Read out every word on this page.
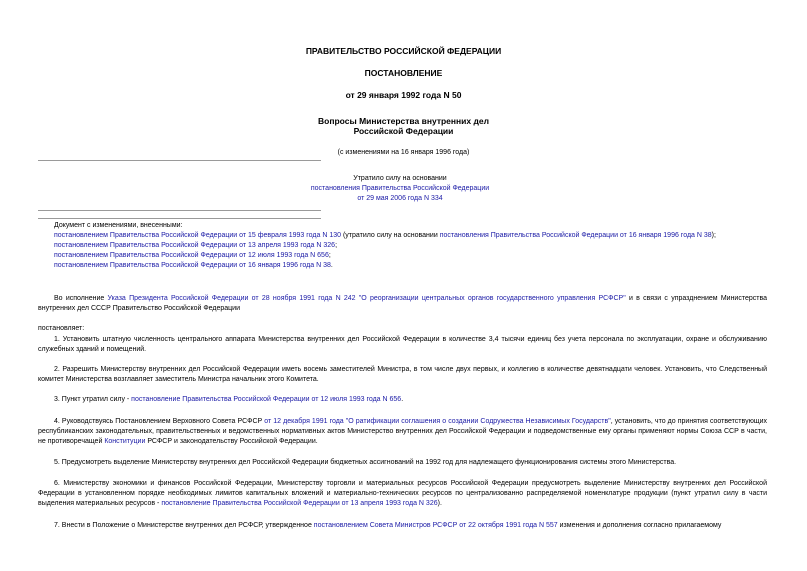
ПРАВИТЕЛЬСТВО РОССИЙСКОЙ ФЕДЕРАЦИИ
ПОСТАНОВЛЕНИЕ
от 29 января 1992 года N 50
Вопросы Министерства внутренних дел
Российской Федерации
(с изменениями на 16 января 1996 года)
Утратило силу на основании
постановления Правительства Российской Федерации
от 29 мая 2006 года N 334
Документ с изменениями, внесенными:
постановлением Правительства Российской Федерации от 15 февраля 1993 года N 130 (утратило силу на основании постановления Правительства Российской Федерации от 16 января 1996 года N 38);
постановлением Правительства Российской Федерации от 13 апреля 1993 года N 326;
постановлением Правительства Российской Федерации от 12 июля 1993 года N 656;
постановлением Правительства Российской Федерации от 16 января 1996 года N 38.
Во исполнение Указа Президента Российской Федерации от 28 ноября 1991 года N 242 "О реорганизации центральных органов государственного управления РСФСР" и в связи с упразднением Министерства внутренних дел СССР Правительство Российской Федерации
постановляет:
1. Установить штатную численность центрального аппарата Министерства внутренних дел Российской Федерации в количестве 3,4 тысячи единиц без учета персонала по эксплуатации, охране и обслуживанию служебных зданий и помещений.
2. Разрешить Министерству внутренних дел Российской Федерации иметь восемь заместителей Министра, в том числе двух первых, и коллегию в количестве девятнадцати человек. Установить, что Следственный комитет Министерства возглавляет заместитель Министра начальник этого Комитета.
3. Пункт утратил силу - постановление Правительства Российской Федерации от 12 июля 1993 года N 656.
4. Руководствуясь Постановлением Верховного Совета РСФСР от 12 декабря 1991 года "О ратификации соглашения о создании Содружества Независимых Государств", установить, что до принятия соответствующих республиканских законодательных, правительственных и ведомственных нормативных актов Министерство внутренних дел Российской Федерации и подведомственные ему органы применяют нормы Союза ССР в части, не противоречащей Конституции РСФСР и законодательству Российской Федерации.
5. Предусмотреть выделение Министерству внутренних дел Российской Федерации бюджетных ассигнований на 1992 год для надлежащего функционирования системы этого Министерства.
6. Министерству экономики и финансов Российской Федерации, Министерству торговли и материальных ресурсов Российской Федерации предусмотреть выделение Министерству внутренних дел Российской Федерации в установленном порядке необходимых лимитов капитальных вложений и материально-технических ресурсов по централизованно распределяемой номенклатуре продукции (пункт утратил силу в части выделения материальных ресурсов - постановление Правительства Российской Федерации от 13 апреля 1993 года N 326).
7. Внести в Положение о Министерстве внутренних дел РСФСР, утвержденное постановлением Совета Министров РСФСР от 22 октября 1991 года N 557 изменения и дополнения согласно прилагаемому
